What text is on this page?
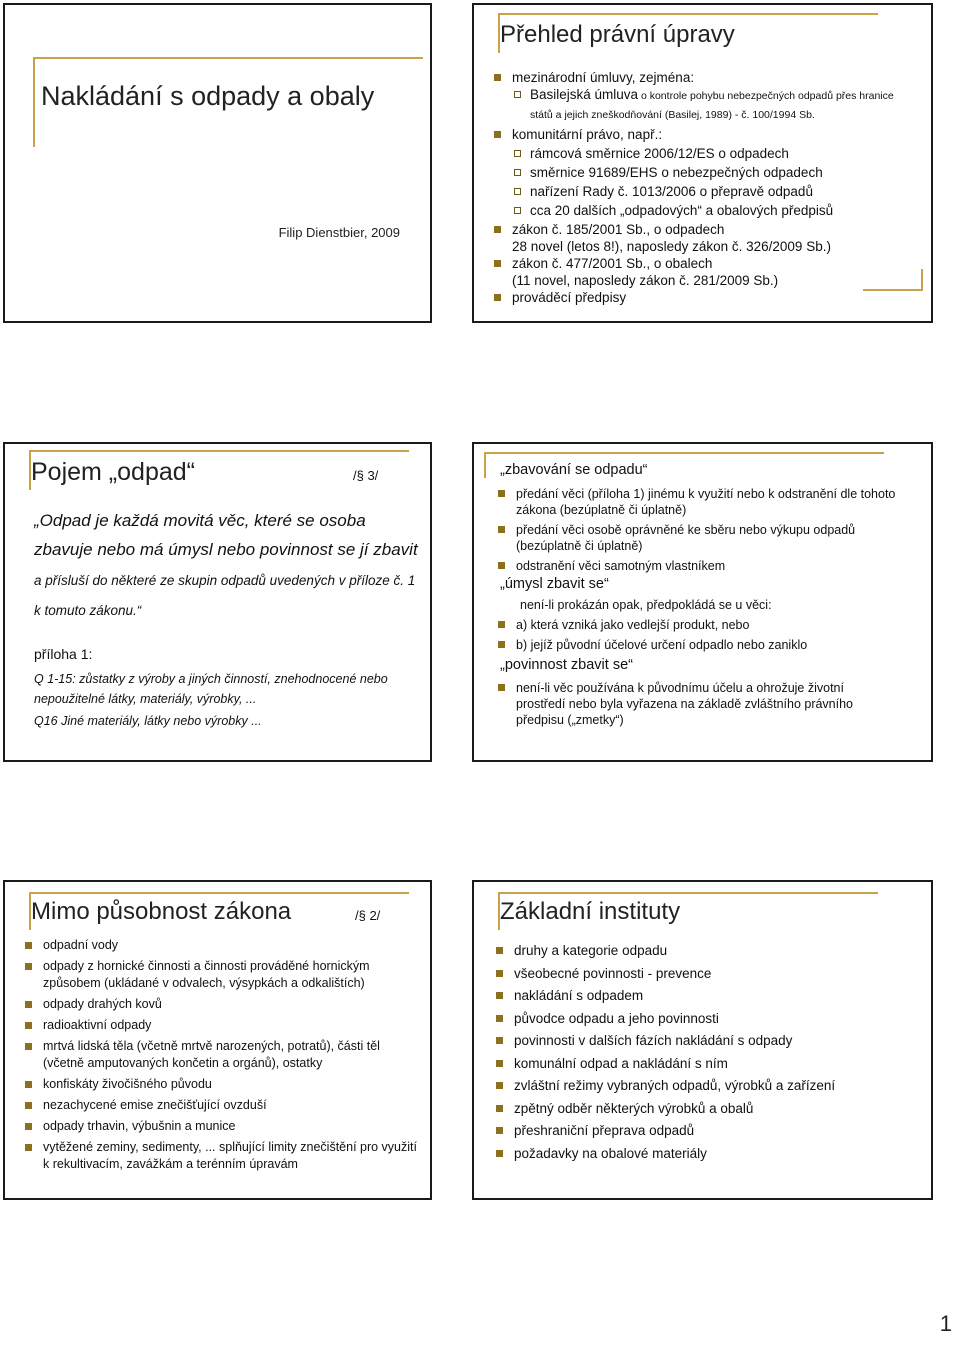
Nakládání s odpady a obaly
Filip Dienstbier, 2009
Přehled právní úpravy
mezinárodní úmluvy, zejména:
Basilejská úmluva o kontrole pohybu nebezpečných odpadů přes hranice států a jejich zneškodňování (Basilej, 1989) - č. 100/1994 Sb.
komunitární právo, např.:
rámcová směrnice 2006/12/ES o odpadech
směrnice 91689/EHS o nebezpečných odpadech
nařízení Rady č. 1013/2006 o přepravě odpadů
cca 20 dalších „odpadových“ a obalových předpisů
zákon č. 185/2001 Sb., o odpadech
28 novel (letos 8!), naposledy zákon č. 326/2009 Sb.)
zákon č. 477/2001 Sb., o obalech
(11 novel, naposledy zákon č. 281/2009 Sb.)
prováděcí předpisy
Pojem „odpad“	/§ 3/
„Odpad je každá movitá věc, které se osoba zbavuje nebo má úmysl nebo povinnost se jí zbavit a přísluší do některé ze skupin odpadů uvedených v příloze č. 1 k tomuto zákonu.“
příloha 1:
Q 1-15: zůstatky z výroby a jiných činností, znehodnocené nebo nepoužitelné látky, materiály, výrobky, ...
Q16 Jiné materiály, látky nebo výrobky ...
„zbavování se odpadu“
předání věci (příloha 1) jinému k využití nebo k odstranění dle tohoto zákona (bezúplatně či úplatně)
předání věci osobě oprávněné ke sběru nebo výkupu odpadů (bezúplatně či úplatně)
odstranění věci samotným vlastníkem
„úmysl zbavit se“
není-li prokázán opak, předpokládá se u věci:
a) která vzniká jako vedlejší produkt, nebo
b) jejíž původní účelové určení odpadlo nebo zaniklo
„povinnost zbavit se“
není-li věc používána k původnímu účelu a ohrožuje životní prostředí nebo byla vyřazena na základě zvláštního právního předpisu („zmetky“)
Mimo působnost zákona	/§ 2/
odpadní vody
odpady z hornické činnosti a činnosti prováděné hornickým způsobem (ukládané v odvalech, výsypkách a odkalištích)
odpady drahých kovů
radioaktivní odpady
mrtvá lidská těla (včetně mrtvě narozených, potratů), části těl (včetně amputovaných končetin a orgánů), ostatky
konfiskáty živočišného původu
nezachycené emise znečišťující ovzduší
odpady trhavin, výbušnin a munice
vytěžené zeminy, sedimenty, ... splňující limity znečištění pro využití k rekultivacím, zavážkám a terénním úpravám
Základní instituty
druhy a kategorie odpadu
všeobecné povinnosti - prevence
nakládání s odpadem
původce odpadu a jeho povinnosti
povinnosti v dalších fázích nakládání s odpady
komunální odpad a nakládání s ním
zvláštní režimy vybraných odpadů, výrobků a zařízení
zpětný odběr některých výrobků a obalů
přeshraniční přeprava odpadů
požadavky na obalové materiály
1
